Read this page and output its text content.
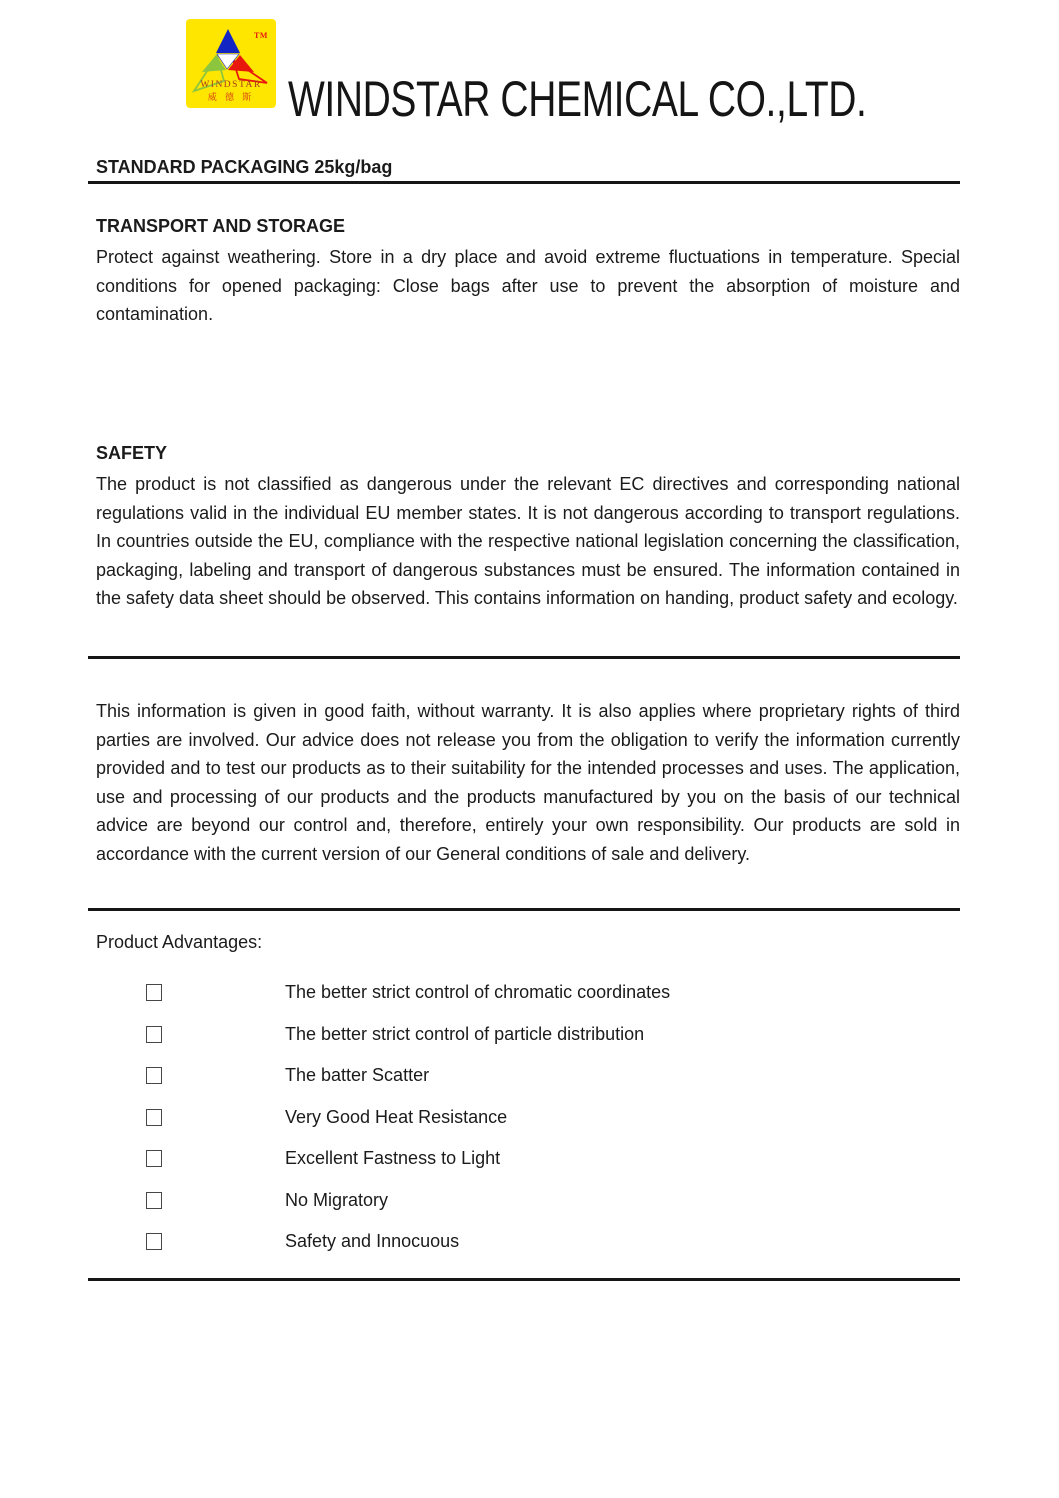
TM
WINDSTAR
威 德 斯 WINDSTAR CHEMICAL CO.,LTD.
STANDARD PACKAGING 25kg/bag
TRANSPORT AND STORAGE
Protect against weathering. Store in a dry place and avoid extreme fluctuations in temperature. Special conditions for opened packaging: Close bags after use to prevent the absorption of moisture and contamination.
SAFETY
The product is not classified as dangerous under the relevant EC directives and corresponding national regulations valid in the individual EU member states. It is not dangerous according to transport regulations. In countries outside the EU, compliance with the respective national legislation concerning the classification, packaging, labeling and transport of dangerous substances must be ensured. The information contained in the safety data sheet should be observed. This contains information on handing, product safety and ecology.
This information is given in good faith, without warranty. It is also applies where proprietary rights of third parties are involved. Our advice does not release you from the obligation to verify the information currently provided and to test our products as to their suitability for the intended processes and uses. The application, use and processing of our products and the products manufactured by you on the basis of our technical advice are beyond our control and, therefore, entirely your own responsibility. Our products are sold in accordance with the current version of our General conditions of sale and delivery.
Product Advantages:
The better strict control of chromatic coordinates
The better strict control of particle distribution
The batter Scatter
Very Good Heat Resistance
Excellent Fastness to Light
No Migratory
Safety and Innocuous
